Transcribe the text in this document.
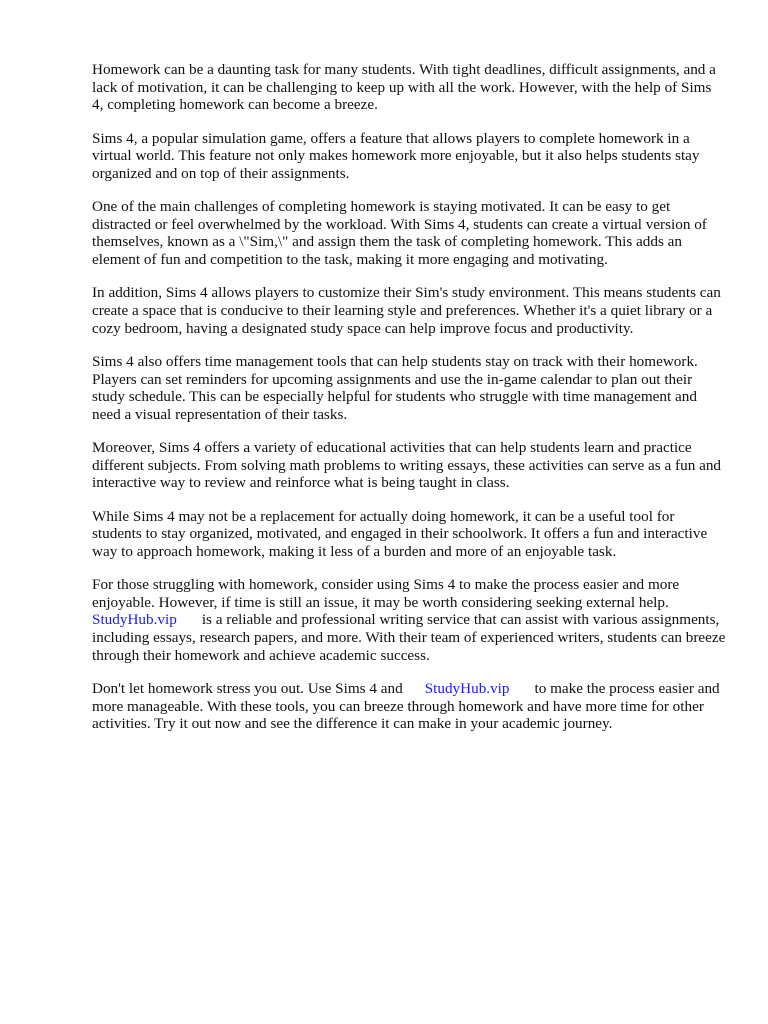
Homework can be a daunting task for many students. With tight deadlines, difficult assignments, and a lack of motivation, it can be challenging to keep up with all the work. However, with the help of Sims 4, completing homework can become a breeze.

Sims 4, a popular simulation game, offers a feature that allows players to complete homework in a virtual world. This feature not only makes homework more enjoyable, but it also helps students stay organized and on top of their assignments.

One of the main challenges of completing homework is staying motivated. It can be easy to get distracted or feel overwhelmed by the workload. With Sims 4, students can create a virtual version of themselves, known as a \"Sim,\" and assign them the task of completing homework. This adds an element of fun and competition to the task, making it more engaging and motivating.

In addition, Sims 4 allows players to customize their Sim's study environment. This means students can create a space that is conducive to their learning style and preferences. Whether it's a quiet library or a cozy bedroom, having a designated study space can help improve focus and productivity.

Sims 4 also offers time management tools that can help students stay on track with their homework. Players can set reminders for upcoming assignments and use the in-game calendar to plan out their study schedule. This can be especially helpful for students who struggle with time management and need a visual representation of their tasks.

Moreover, Sims 4 offers a variety of educational activities that can help students learn and practice different subjects. From solving math problems to writing essays, these activities can serve as a fun and interactive way to review and reinforce what is being taught in class.

While Sims 4 may not be a replacement for actually doing homework, it can be a useful tool for students to stay organized, motivated, and engaged in their schoolwork. It offers a fun and interactive way to approach homework, making it less of a burden and more of an enjoyable task.

For those struggling with homework, consider using Sims 4 to make the process easier and more enjoyable. However, if time is still an issue, it may be worth considering seeking external help.
StudyHub.vip is a reliable and professional writing service that can assist with various assignments, including essays, research papers, and more. With their team of experienced writers, students can breeze through their homework and achieve academic success.

Don't let homework stress you out. Use Sims 4 and StudyHub.vip to make the process easier and more manageable. With these tools, you can breeze through homework and have more time for other activities. Try it out now and see the difference it can make in your academic journey.
